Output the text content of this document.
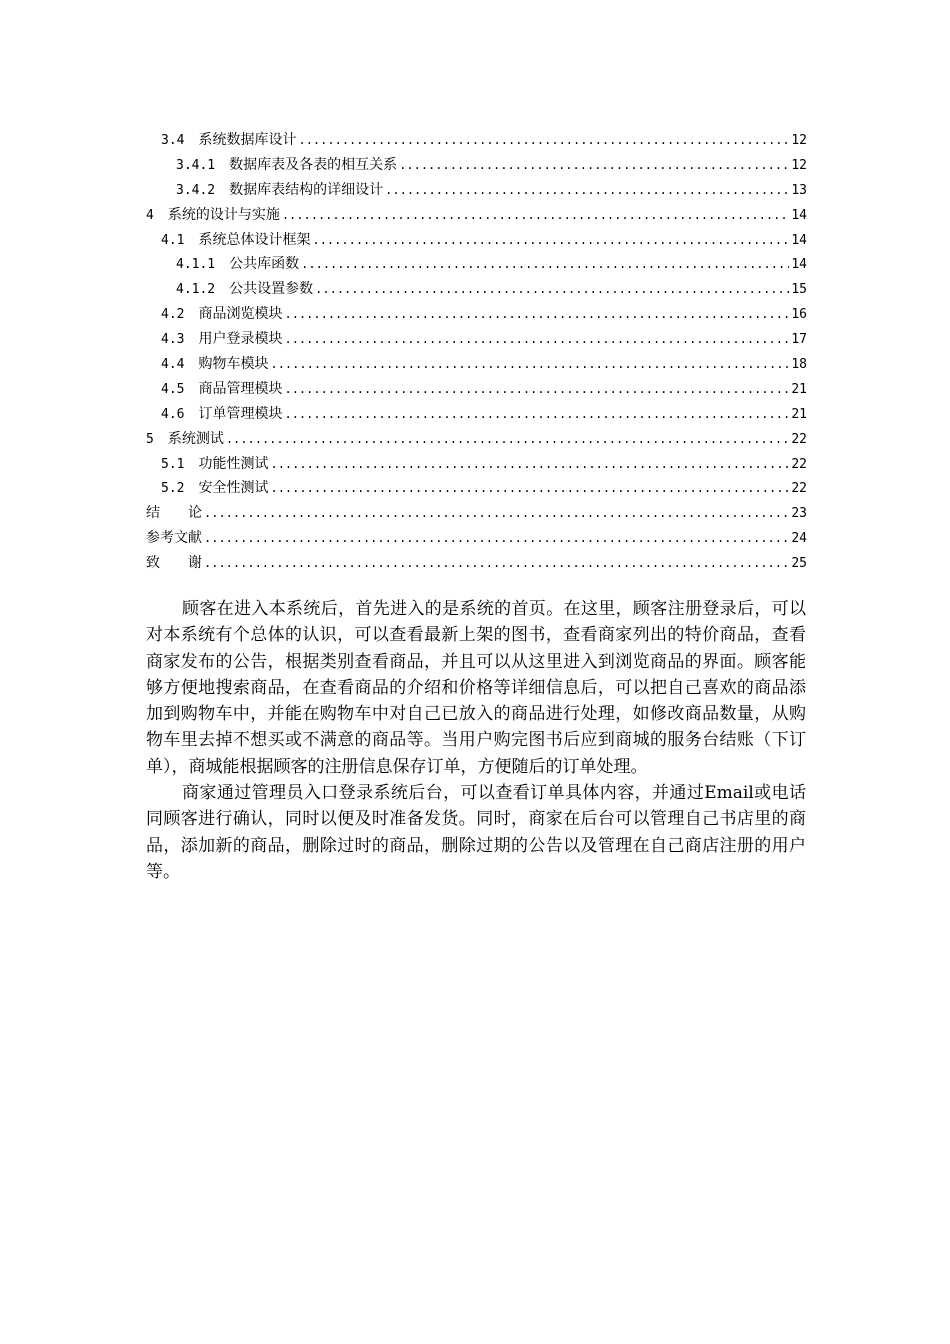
3.4 系统数据库设计 .....	12
3.4.1 数据库表及各表的相互关系 .....	12
3.4.2 数据库表结构的详细设计 .....	13
4 系统的设计与实施 .....	14
4.1 系统总体设计框架 .....	14
4.1.1 公共库函数 .....	14
4.1.2 公共设置参数 .....	15
4.2 商品浏览模块 .....	16
4.3 用户登录模块 .....	17
4.4 购物车模块 .....	18
4.5 商品管理模块 .....	21
4.6 订单管理模块 .....	21
5 系统测试 .....	22
5.1 功能性测试 .....	22
5.2 安全性测试 .....	22
结　　论 .....	23
参考文献 .....	24
致　　谢 .....	25

顾客在进入本系统后，首先进入的是系统的首页。在这里，顾客注册登录后，可以对本系统有个总体的认识，可以查看最新上架的图书，查看商家列出的特价商品，查看商家发布的公告，根据类别查看商品，并且可以从这里进入到浏览商品的界面。顾客能够方便地搜索商品，在查看商品的介绍和价格等详细信息后，可以把自己喜欢的商品添加到购物车中，并能在购物车中对自己已放入的商品进行处理，如修改商品数量，从购物车里去掉不想买或不满意的商品等。当用户购完图书后应到商城的服务台结账（下订单），商城能根据顾客的注册信息保存订单，方便随后的订单处理。

商家通过管理员入口登录系统后台，可以查看订单具体内容，并通过Email或电话同顾客进行确认，同时以便及时准备发货。同时，商家在后台可以管理自己书店里的商品，添加新的商品，删除过时的商品，删除过期的公告以及管理在自己商店注册的用户等。
